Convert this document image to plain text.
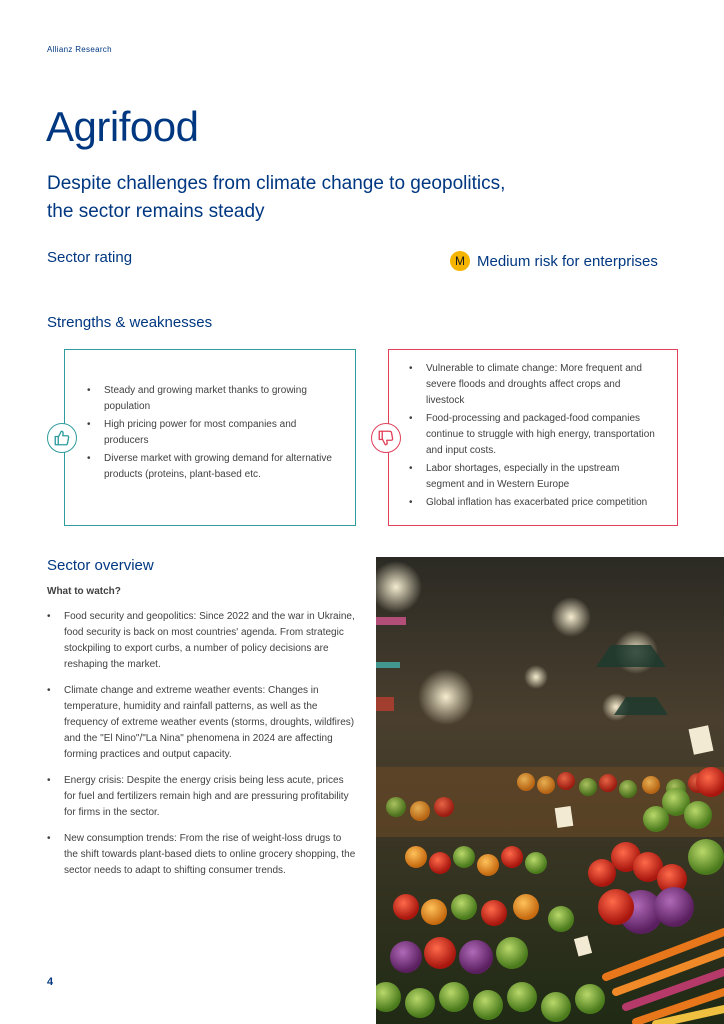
Allianz Research
Agrifood
Despite challenges from climate change to geopolitics,
the sector remains steady
Sector rating	M Medium risk for enterprises
Strengths & weaknesses
• Steady and growing market thanks to growing population
• High pricing power for most companies and producers
• Diverse market with growing demand for alternative products (proteins, plant-based etc.
• Vulnerable to climate change: More frequent and severe floods and droughts affect crops and livestock
• Food-processing and packaged-food companies continue to struggle with high energy, transportation and input costs.
• Labor shortages, especially in the upstream segment and in Western Europe
• Global inflation has exacerbated price competition
Sector overview
What to watch?
• Food security and geopolitics: Since 2022 and the war in Ukraine, food security is back on most countries' agenda. From strategic stockpiling to export curbs, a number of policy decisions are reshaping the market.
• Climate change and extreme weather events: Changes in temperature, humidity and rainfall patterns, as well as the frequency of extreme weather events (storms, droughts, wildfires) and the "El Nino"/"La Nina" phenomena in 2024 are affecting forming practices and output capacity.
• Energy crisis: Despite the energy crisis being less acute, prices for fuel and fertilizers remain high and are pressuring profitability for firms in the sector.
• New consumption trends: From the rise of weight-loss drugs to the shift towards plant-based diets to online grocery shopping, the sector needs to adapt to shifting consumer trends.
4
